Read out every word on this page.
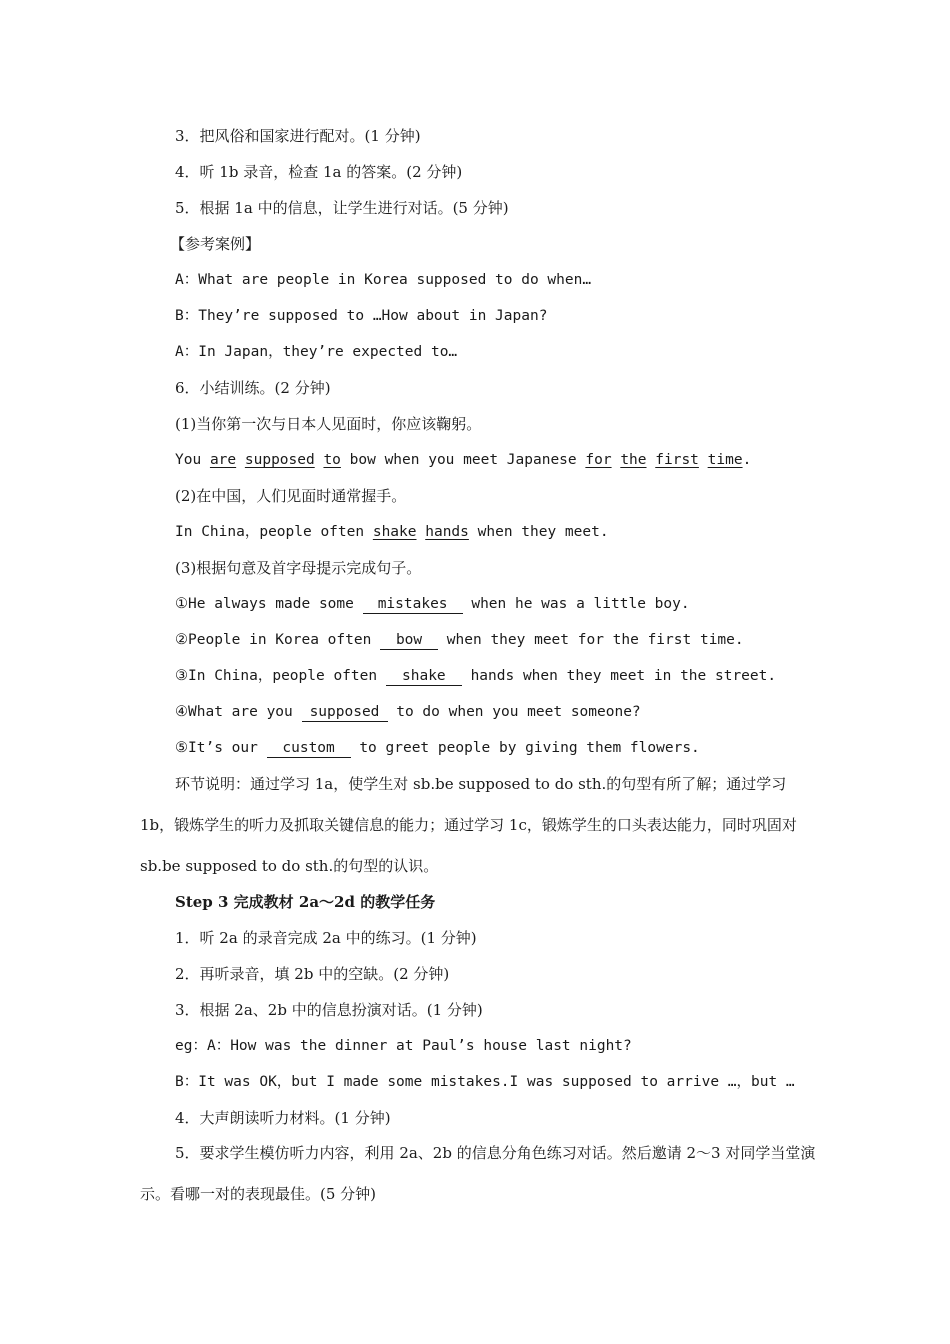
3．把风俗和国家进行配对。(1 分钟)
4．听 1b 录音，检查 1a 的答案。(2 分钟)
5．根据 1a 中的信息，让学生进行对话。(5 分钟)
【参考案例】
A：What are people in Korea supposed to do when…
B：They’re supposed to …How about in Japan?
A：In Japan，they’re expected to…
6．小结训练。(2 分钟)
(1)当你第一次与日本人见面时，你应该鞠躬。
You are supposed to bow when you meet Japanese for the first time.
(2)在中国，人们见面时通常握手。
In China，people often shake hands when they meet.
(3)根据句意及首字母提示完成句子。
①He always made some mistakes when he was a little boy.
②People in Korea often bow when they meet for the first time.
③In China，people often shake hands when they meet in the street.
④What are you supposed to do when you meet someone?
⑤It’s our custom to greet people by giving them flowers.
环节说明：通过学习 1a，使学生对 sb.be supposed to do sth.的句型有所了解；通过学习 1b，锻炼学生的听力及抓取关键信息的能力；通过学习 1c，锻炼学生的口头表达能力，同时巩固对 sb.be supposed to do sth.的句型的认识。
Step 3 完成教材 2a～2d 的教学任务
1．听 2a 的录音完成 2a 中的练习。(1 分钟)
2．再听录音，填 2b 中的空缺。(2 分钟)
3．根据 2a、2b 中的信息扮演对话。(1 分钟)
eg：A：How was the dinner at Paul’s house last night?
B：It was OK，but I made some mistakes.I was supposed to arrive …，but …
4．大声朗读听力材料。(1 分钟)
5．要求学生模仿听力内容，利用 2a、2b 的信息分角色练习对话。然后邀请 2～3 对同学当堂演示。看哪一对的表现最佳。(5 分钟)
